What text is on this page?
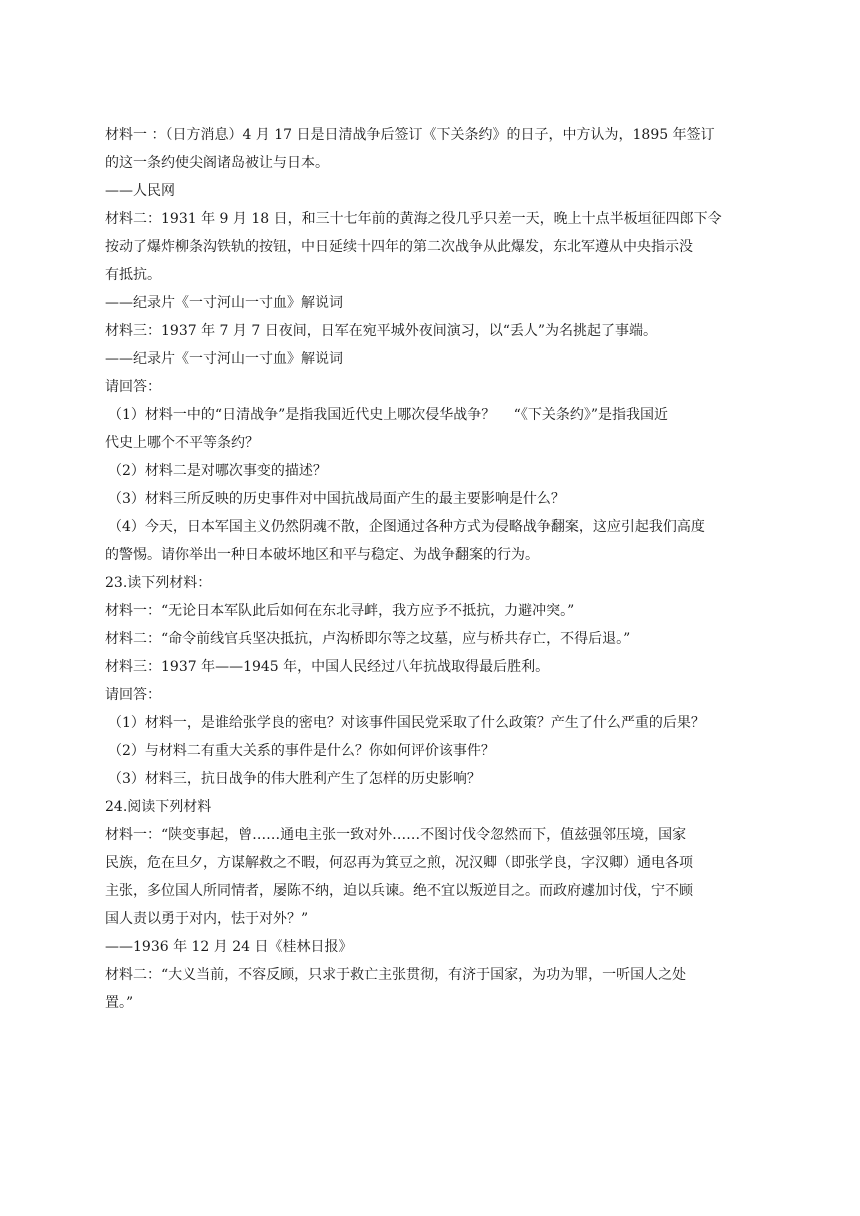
材料一 ：（日方消息）4 月 17 日是日清战争后签订《下关条约》的日子，中方认为，1895 年签订
的这一条约使尖阁诸岛被让与日本。
——人民网
材料二：1931 年 9 月 18 日，和三十七年前的黄海之役几乎只差一天，晚上十点半板垣征四郎下令
按动了爆炸柳条沟铁轨的按钮，中日延续十四年的第二次战争从此爆发，东北军遵从中央指示没
有抵抗。
——纪录片《一寸河山一寸血》解说词
材料三：1937 年 7 月 7 日夜间，日军在宛平城外夜间演习，以“丢人”为名挑起了事端。
——纪录片《一寸河山一寸血》解说词
请回答：
（1）材料一中的“日清战争”是指我国近代史上哪次侵华战争？　 “《下关条约》”是指我国近
代史上哪个不平等条约？
（2）材料二是对哪次事变的描述？
（3）材料三所反映的历史事件对中国抗战局面产生的最主要影响是什么？
（4）今天，日本军国主义仍然阴魂不散，企图通过各种方式为侵略战争翻案，这应引起我们高度
的警惕。请你举出一种日本破坏地区和平与稳定、为战争翻案的行为。
23.读下列材料：
材料一：“无论日本军队此后如何在东北寻衅，我方应予不抵抗，力避冲突。”
材料二：“命令前线官兵坚决抵抗，卢沟桥即尔等之坟墓，应与桥共存亡，不得后退。”
材料三：1937 年——1945 年，中国人民经过八年抗战取得最后胜利。
请回答：
（1）材料一，是谁给张学良的密电？对该事件国民党采取了什么政策？产生了什么严重的后果？
（2）与材料二有重大关系的事件是什么？你如何评价该事件？
（3）材料三，抗日战争的伟大胜利产生了怎样的历史影响？
24.阅读下列材料
材料一：“陕变事起，曾……通电主张一致对外……不图讨伐令忽然而下，值兹强邻压境，国家
民族，危在旦夕，方谋解救之不暇，何忍再为箕豆之煎，况汉卿（即张学良，字汉卿）通电各项
主张，多位国人所同情者，屡陈不纳，迫以兵谏。绝不宜以叛逆目之。而政府遽加讨伐，宁不顾
国人责以勇于对内，怯于对外？”
——1936 年 12 月 24 日《桂林日报》
材料二：“大义当前，不容反顾，只求于救亡主张贯彻，有济于国家，为功为罪，一听国人之处
置。”
